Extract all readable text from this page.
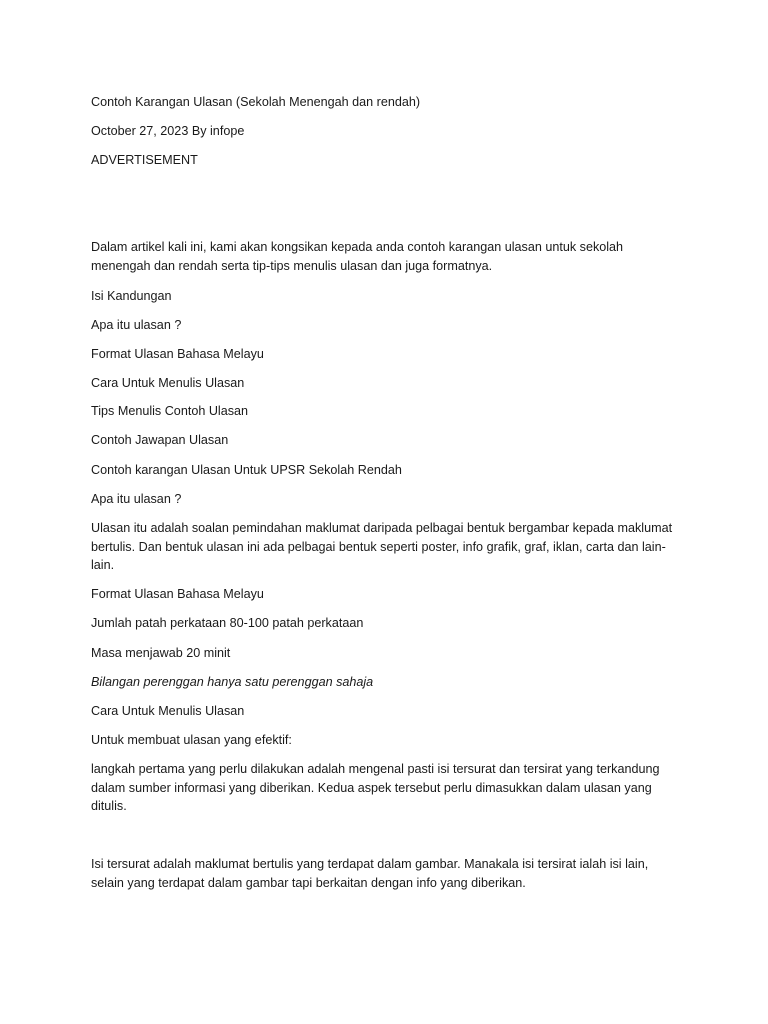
Contoh Karangan Ulasan (Sekolah Menengah dan rendah)

October 27, 2023 By infope

ADVERTISEMENT

Dalam artikel kali ini, kami akan kongsikan kepada anda contoh karangan ulasan untuk sekolah
menengah dan rendah serta tip-tips menulis ulasan dan juga formatnya.

Isi Kandungan

Apa itu ulasan ?

Format Ulasan Bahasa Melayu

Cara Untuk Menulis Ulasan

Tips Menulis Contoh Ulasan

Contoh Jawapan Ulasan

Contoh karangan Ulasan Untuk UPSR Sekolah Rendah

Apa itu ulasan ?

Ulasan itu adalah soalan pemindahan maklumat daripada pelbagai bentuk bergambar kepada maklumat
bertulis. Dan bentuk ulasan ini ada pelbagai bentuk seperti poster, info grafik, graf, iklan, carta dan lain-
lain.

Format Ulasan Bahasa Melayu

Jumlah patah perkataan 80-100 patah perkataan

Masa menjawab 20 minit

Bilangan perenggan hanya satu perenggan sahaja

Cara Untuk Menulis Ulasan

Untuk membuat ulasan yang efektif:

langkah pertama yang perlu dilakukan adalah mengenal pasti isi tersurat dan tersirat yang terkandung
dalam sumber informasi yang diberikan. Kedua aspek tersebut perlu dimasukkan dalam ulasan yang
ditulis.
Isi tersurat adalah maklumat bertulis yang terdapat dalam gambar. Manakala isi tersirat ialah isi lain,
selain yang terdapat dalam gambar tapi berkaitan dengan info yang diberikan.
